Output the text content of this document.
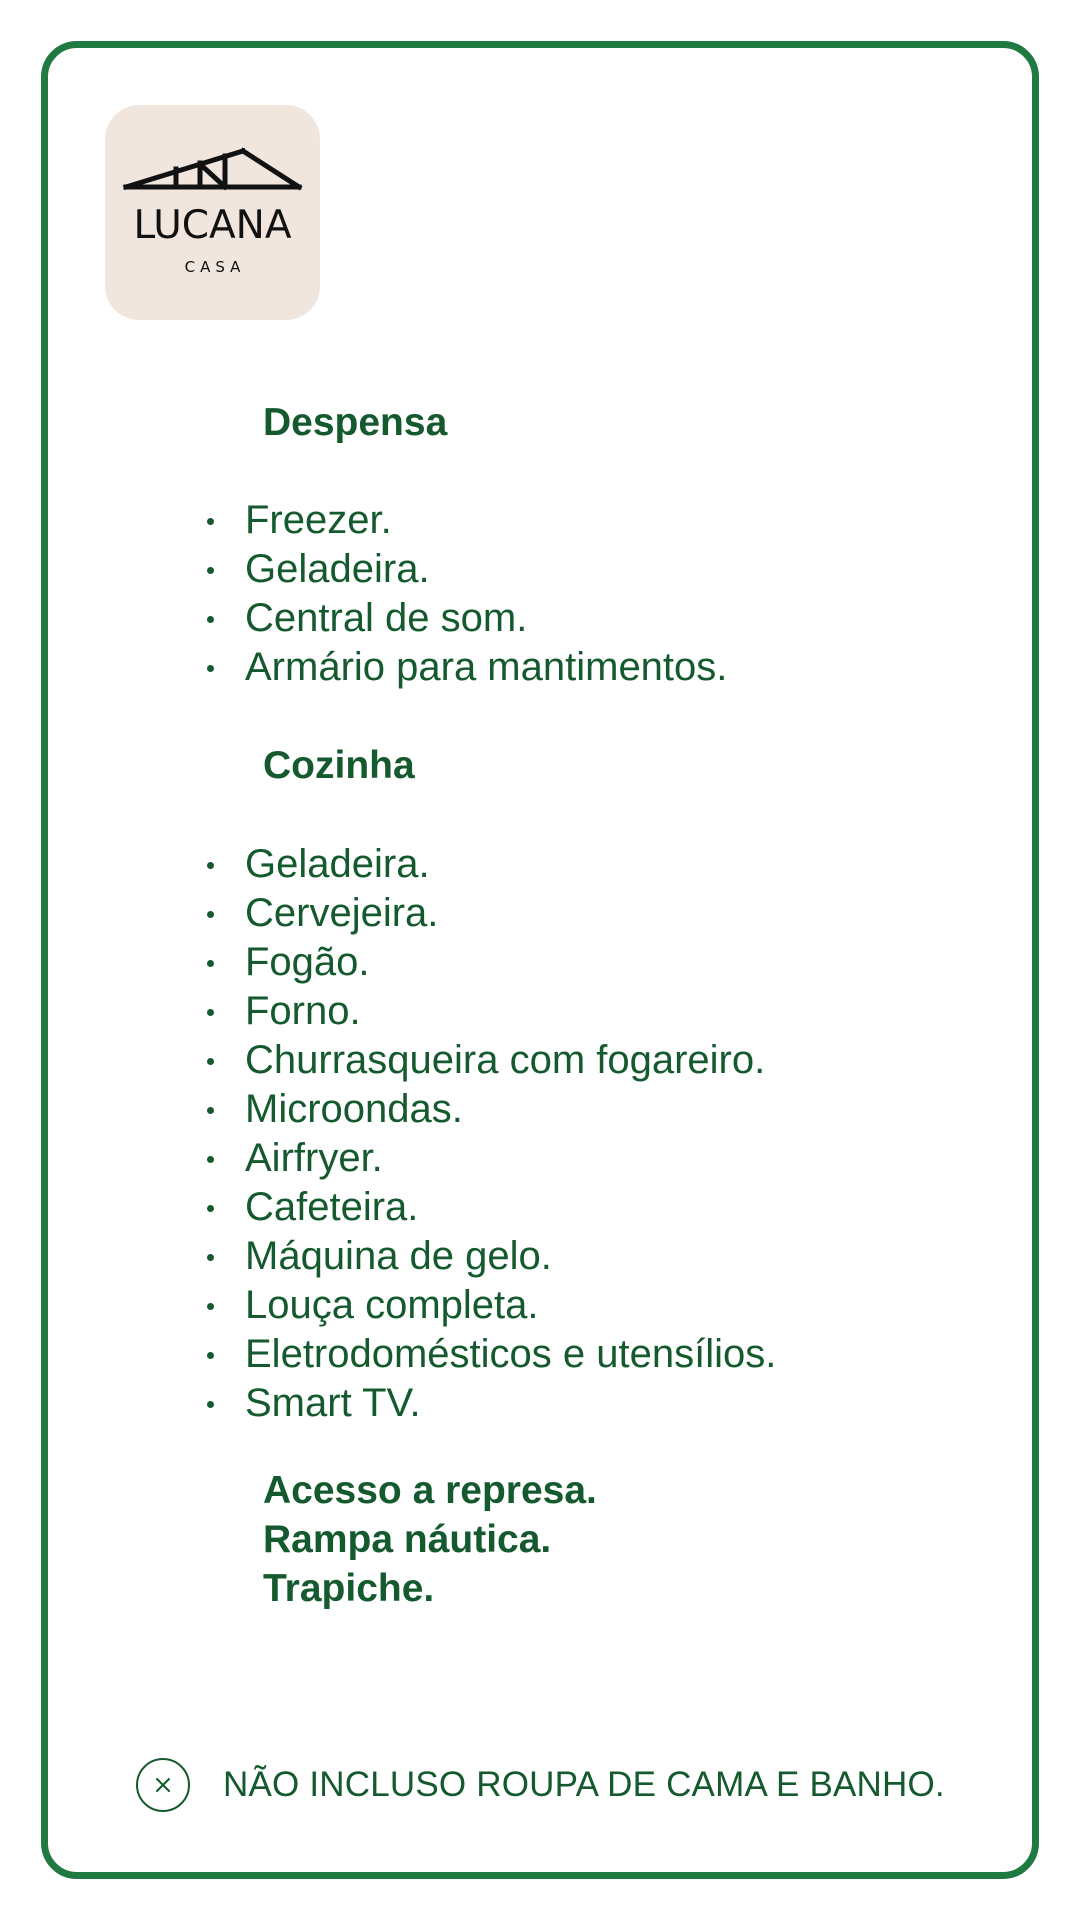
LUCANA
CASA
Despensa
Freezer.
Geladeira.
Central de som.
Armário para mantimentos.
Cozinha
Geladeira.
Cervejeira.
Fogão.
Forno.
Churrasqueira com fogareiro.
Microondas.
Airfryer.
Cafeteira.
Máquina de gelo.
Louça completa.
Eletrodomésticos e utensílios.
Smart TV.
Acesso a represa.
Rampa náutica.
Trapiche.
NÃO INCLUSO ROUPA DE CAMA E BANHO.
